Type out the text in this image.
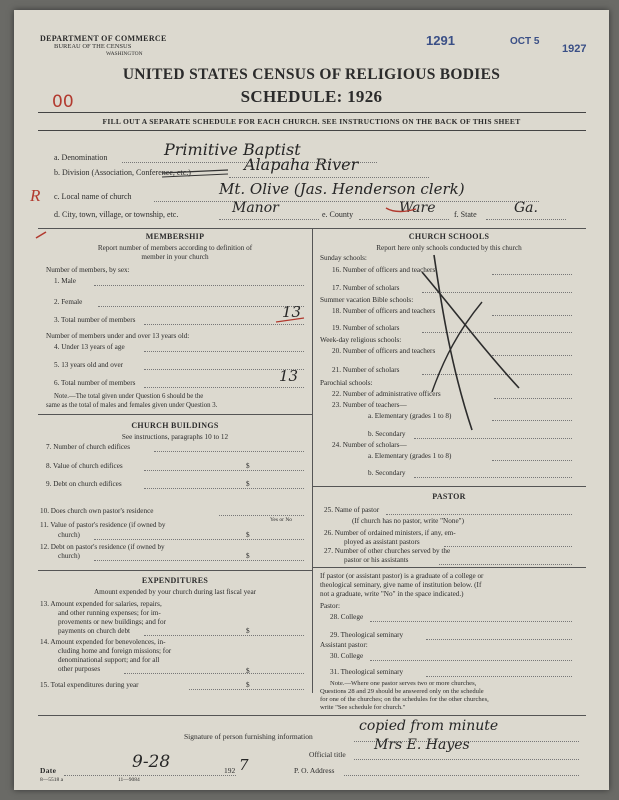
DEPARTMENT OF COMMERCE
BUREAU OF THE CENSUS
WASHINGTON
1291	OCT 5
1927
UNITED STATES CENSUS OF RELIGIOUS BODIES
SCHEDULE: 1926
00
FILL OUT A SEPARATE SCHEDULE FOR EACH CHURCH. SEE INSTRUCTIONS ON THE BACK OF THIS SHEET
a. Denomination	Primitive Baptist
b. Division (Association, Conference, etc.)	Alapaha River
R c. Local name of church	Mt. Olive (Jas. Henderson clerk)
d. City, town, village, or township, etc.	Manor	e. County	Ware f. State	Ga.
MEMBERSHIP
Report number of members according to definition of
member in your church
Number of members, by sex:
1. Male
2. Female
3. Total number of members	13
Number of members under and over 13 years old:
4. Under 13 years of age
5. 13 years old and over
6. Total number of members	13
Note.—The total given under Question 6 should be the
same as the total of males and females given under Question 3.
CHURCH BUILDINGS
See instructions, paragraphs 10 to 12
7. Number of church edifices
8. Value of church edifices	$
9. Debt on church edifices	$
10. Does church own pastor's residence
Yes or No
11. Value of pastor's residence (if owned by
church)	$
12. Debt on pastor's residence (if owned by
church)	$
EXPENDITURES
Amount expended by your church during last fiscal year
13. Amount expended for salaries, repairs,
and other running expenses; for im-
provements or new buildings; and for
payments on church debt	$
14. Amount expended for benevolences, in-
cluding home and foreign missions; for
denominational support; and for all
other purposes	$
15. Total expenditures during year	$
CHURCH SCHOOLS
Report here only schools conducted by this church
Sunday schools:
16. Number of officers and teachers
17. Number of scholars
Summer vacation Bible schools:
18. Number of officers and teachers
19. Number of scholars
Week-day religious schools:
20. Number of officers and teachers
21. Number of scholars
Parochial schools:
22. Number of administrative officers
23. Number of teachers—
a. Elementary (grades 1 to 8)
b. Secondary
24. Number of scholars—
a. Elementary (grades 1 to 8)
b. Secondary
PASTOR
25. Name of pastor
(If church has no pastor, write "None")
26. Number of ordained ministers, if any, em-
ployed as assistant pastors
27. Number of other churches served by the
pastor or his assistants
If pastor (or assistant pastor) is a graduate of a college or
theological seminary, give name of institution below. (If
not a graduate, write "No" in the space indicated.)
Pastor:
28. College
29. Theological seminary
Assistant pastor:
30. College
31. Theological seminary
Note.—Where one pastor serves two or more churches,
Questions 28 and 29 should be answered only on the schedule
for one of the churches; on the schedules for the other churches,
write "See schedule for church."
Signature of person furnishing information
copied from minute
Official title
Mrs E. Hayes
Date	9-28	192 7	P. O. Address
8—5518 a	11—9084
